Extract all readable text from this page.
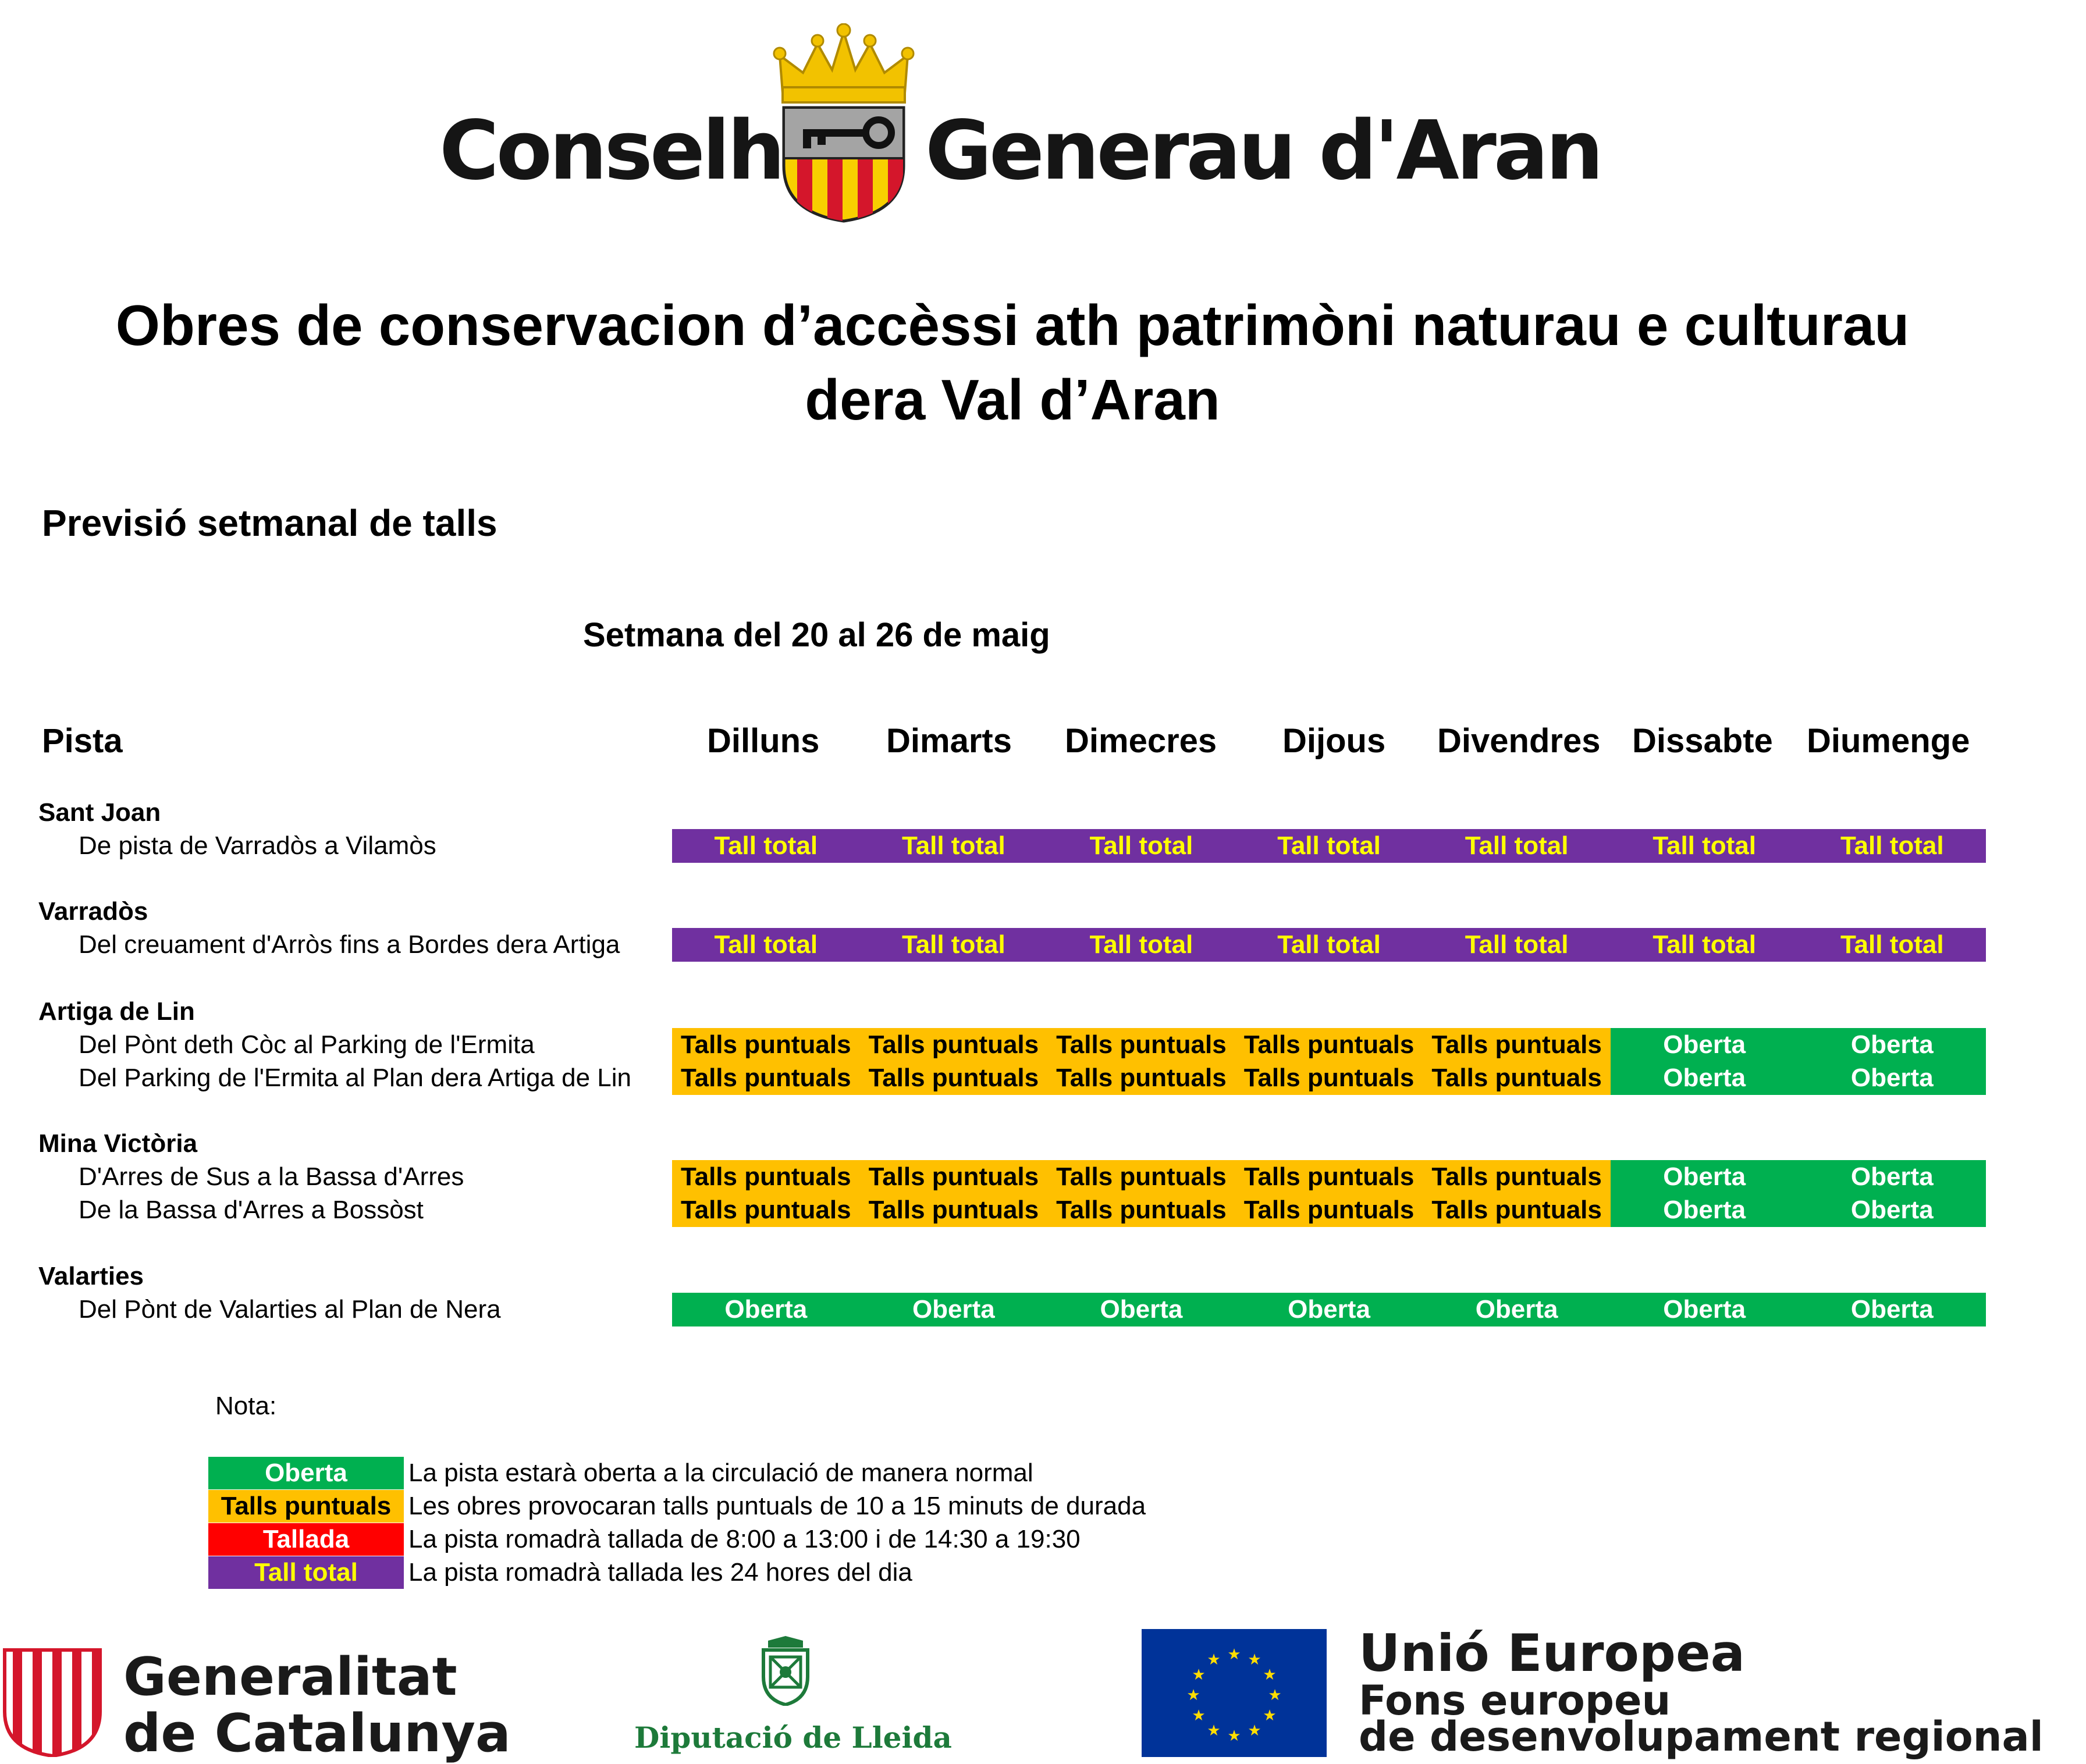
Conselh Generau d'Aran
Obres de conservacion d’accèssi ath patrimòni naturau e culturau dera Val d’Aran
Previsió setmanal de talls
Setmana del 20 al 26 de maig
Pista	Dilluns Dimarts Dimecres Dijous Divendres Dissabte Diumenge
Sant Joan
De pista de Varradòs a Vilamòs	Tall total	Tall total	Tall total	Tall total	Tall total	Tall total	Tall total
Varradòs
Del creuament d'Arròs fins a Bordes dera Artiga	Tall total	Tall total	Tall total	Tall total	Tall total	Tall total	Tall total
Artiga de Lin
Del Pònt deth Còc al Parking de l'Ermita	Talls puntuals Talls puntuals Talls puntuals Talls puntuals Talls puntuals	Oberta	Oberta
Del Parking de l'Ermita al Plan dera Artiga de Lin	Talls puntuals Talls puntuals Talls puntuals Talls puntuals Talls puntuals	Oberta	Oberta
Mina Victòria
D'Arres de Sus a la Bassa d'Arres	Talls puntuals Talls puntuals Talls puntuals Talls puntuals Talls puntuals	Oberta	Oberta
De la Bassa d'Arres a Bossòst	Talls puntuals Talls puntuals Talls puntuals Talls puntuals Talls puntuals	Oberta	Oberta
Valarties
Del Pònt de Valarties al Plan de Nera	Oberta	Oberta	Oberta	Oberta	Oberta	Oberta	Oberta
Nota:
Oberta	La pista estarà oberta a la circulació de manera normal
Talls puntuals Les obres provocaran talls puntuals de 10 a 15 minuts de durada
Tallada	La pista romadrà tallada de 8:00 a 13:00 i de 14:30 a 19:30
Tall total	La pista romadrà tallada les 24 hores del dia
Generalitat
de Catalunya	Diputació de Lleida
★ ★
★
★
★
★
★
★
★
★
★
★	Unió Europea
Fons europeu
de desenvolupament regional
